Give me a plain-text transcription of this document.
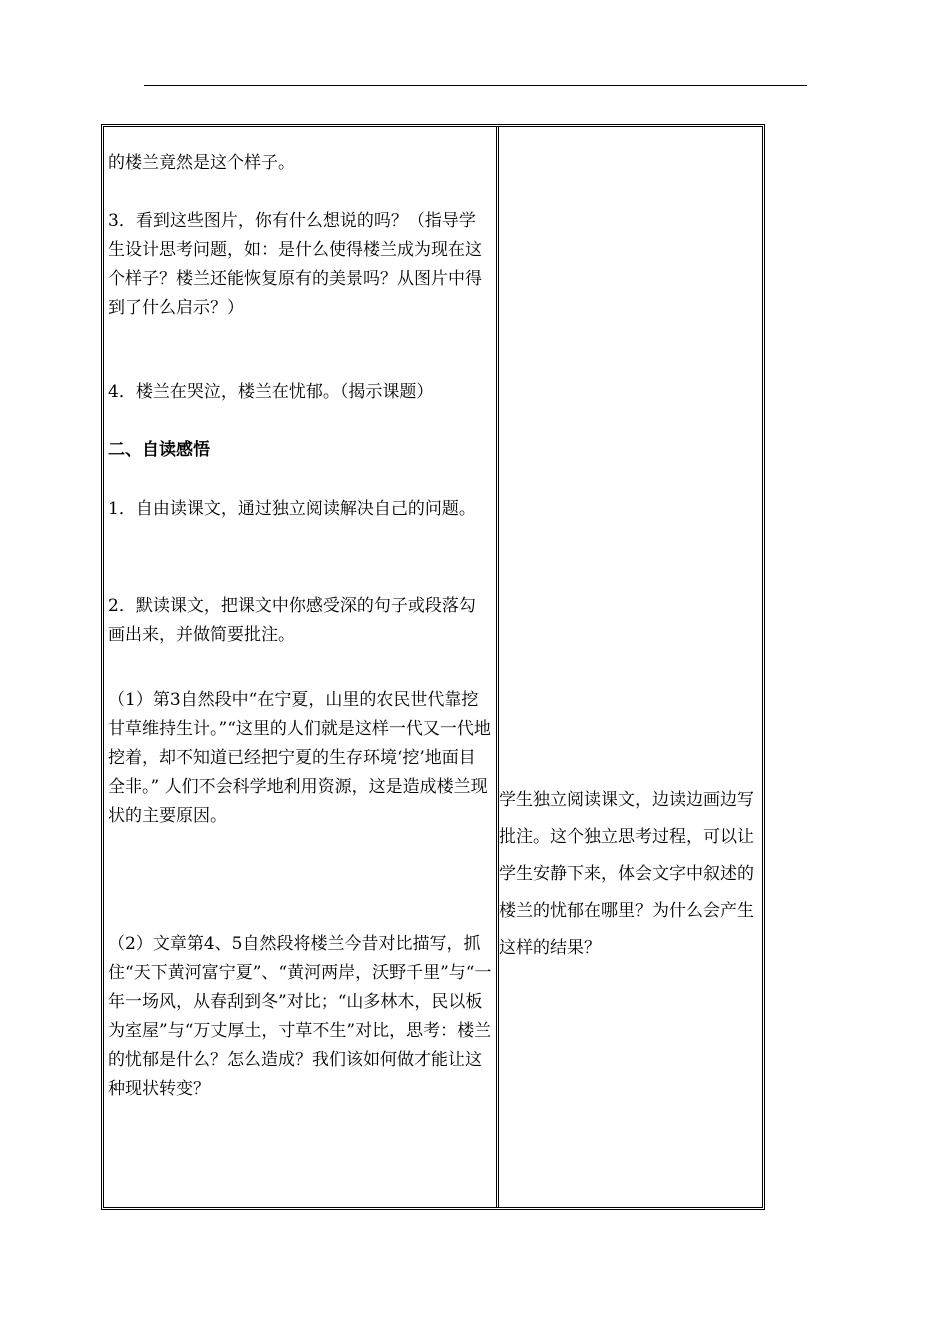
的楼兰竟然是这个样子。

3．看到这些图片，你有什么想说的吗？（指导学生设计思考问题，如：是什么使得楼兰成为现在这个样子？楼兰还能恢复原有的美景吗？从图片中得到了什么启示？）

4．楼兰在哭泣，楼兰在忧郁。（揭示课题）

二、自读感悟

1．自由读课文，通过独立阅读解决自己的问题。

2．默读课文，把课文中你感受深的句子或段落勾画出来，并做简要批注。

（1）第3自然段中“在宁夏，山里的农民世代靠挖甘草维持生计。”“这里的人们就是这样一代又一代地挖着，却不知道已经把宁夏的生存环境‘挖’地面目全非。” 人们不会科学地利用资源，这是造成楼兰现状的主要原因。

（2）文章第4、5自然段将楼兰今昔对比描写，抓住“天下黄河富宁夏”、“黄河两岸，沃野千里”与“一年一场风，从春刮到冬”对比；“山多林木，民以板为室屋”与“万丈厚土，寸草不生”对比，思考：楼兰的忧郁是什么？怎么造成？我们该如何做才能让这种现状转变？

学生独立阅读课文，边读边画边写批注。这个独立思考过程，可以让学生安静下来，体会文字中叙述的楼兰的忧郁在哪里？为什么会产生这样的结果？
